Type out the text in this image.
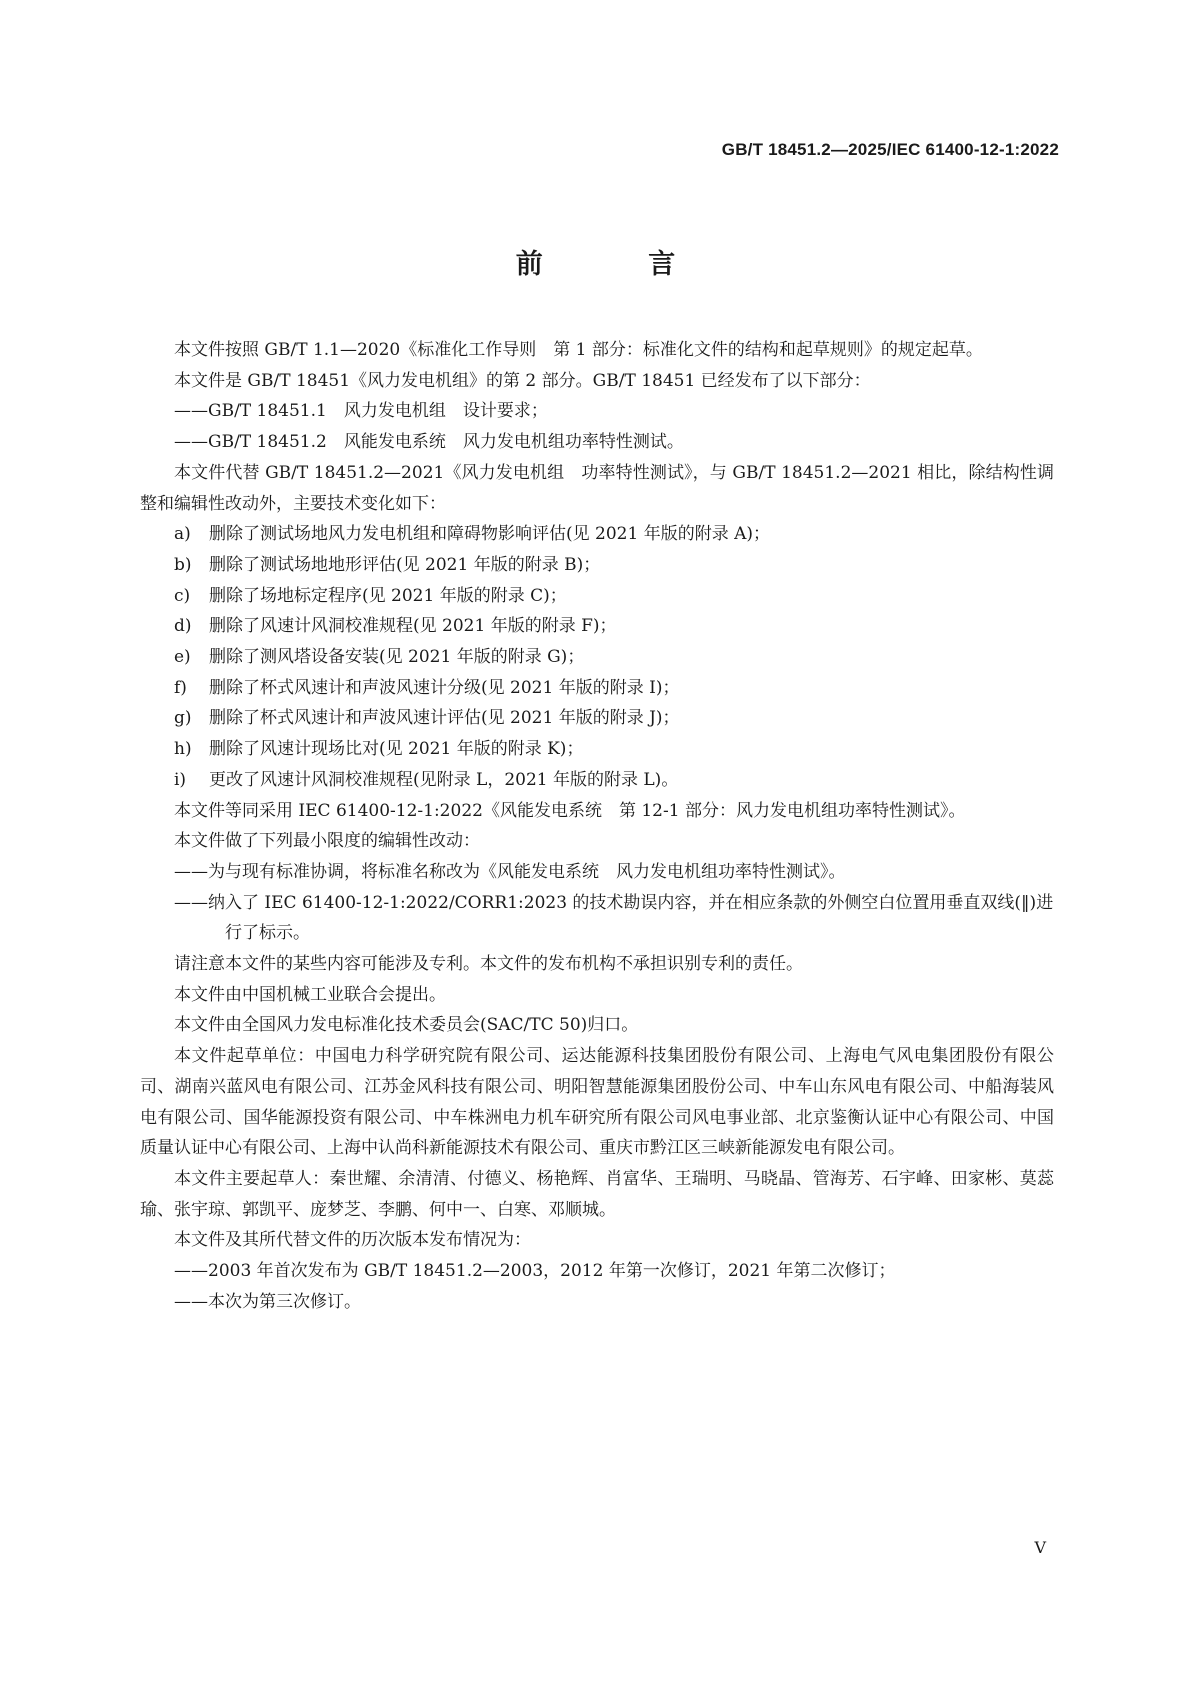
GB/T 18451.2—2025/IEC 61400-12-1:2022
前 言

本文件按照 GB/T 1.1—2020《标准化工作导则　第 1 部分：标准化文件的结构和起草规则》的规定起草。

本文件是 GB/T 18451《风力发电机组》的第 2 部分。GB/T 18451 已经发布了以下部分：

——GB/T 18451.1　风力发电机组　设计要求；

——GB/T 18451.2　风能发电系统　风力发电机组功率特性测试。

本文件代替 GB/T 18451.2—2021《风力发电机组　功率特性测试》，与 GB/T 18451.2—2021 相比，除结构性调整和编辑性改动外，主要技术变化如下：

a)	删除了测试场地风力发电机组和障碍物影响评估(见 2021 年版的附录 A)；
b)	删除了测试场地地形评估(见 2021 年版的附录 B)；
c)	删除了场地标定程序(见 2021 年版的附录 C)；
d)	删除了风速计风洞校准规程(见 2021 年版的附录 F)；
e)	删除了测风塔设备安装(见 2021 年版的附录 G)；
f)	删除了杯式风速计和声波风速计分级(见 2021 年版的附录 I)；
g)	删除了杯式风速计和声波风速计评估(见 2021 年版的附录 J)；
h)	删除了风速计现场比对(见 2021 年版的附录 K)；
i)	更改了风速计风洞校准规程(见附录 L，2021 年版的附录 L)。

本文件等同采用 IEC 61400-12-1:2022《风能发电系统　第 12-1 部分：风力发电机组功率特性测试》。

本文件做了下列最小限度的编辑性改动：

——为与现有标准协调，将标准名称改为《风能发电系统　风力发电机组功率特性测试》。

——纳入了 IEC 61400-12-1:2022/CORR1:2023 的技术勘误内容，并在相应条款的外侧空白位置用垂直双线(‖)进行了标示。

请注意本文件的某些内容可能涉及专利。本文件的发布机构不承担识别专利的责任。

本文件由中国机械工业联合会提出。

本文件由全国风力发电标准化技术委员会(SAC/TC 50)归口。

本文件起草单位：中国电力科学研究院有限公司、运达能源科技集团股份有限公司、上海电气风电集团股份有限公司、湖南兴蓝风电有限公司、江苏金风科技有限公司、明阳智慧能源集团股份公司、中车山东风电有限公司、中船海装风电有限公司、国华能源投资有限公司、中车株洲电力机车研究所有限公司风电事业部、北京鉴衡认证中心有限公司、中国质量认证中心有限公司、上海中认尚科新能源技术有限公司、重庆市黔江区三峡新能源发电有限公司。

本文件主要起草人：秦世耀、余清清、付德义、杨艳辉、肖富华、王瑞明、马晓晶、管海芳、石宇峰、田家彬、莫蕊瑜、张宇琼、郭凯平、庞梦芝、李鹏、何中一、白寒、邓顺城。

本文件及其所代替文件的历次版本发布情况为：

——2003 年首次发布为 GB/T 18451.2—2003，2012 年第一次修订，2021 年第二次修订；

——本次为第三次修订。

V
